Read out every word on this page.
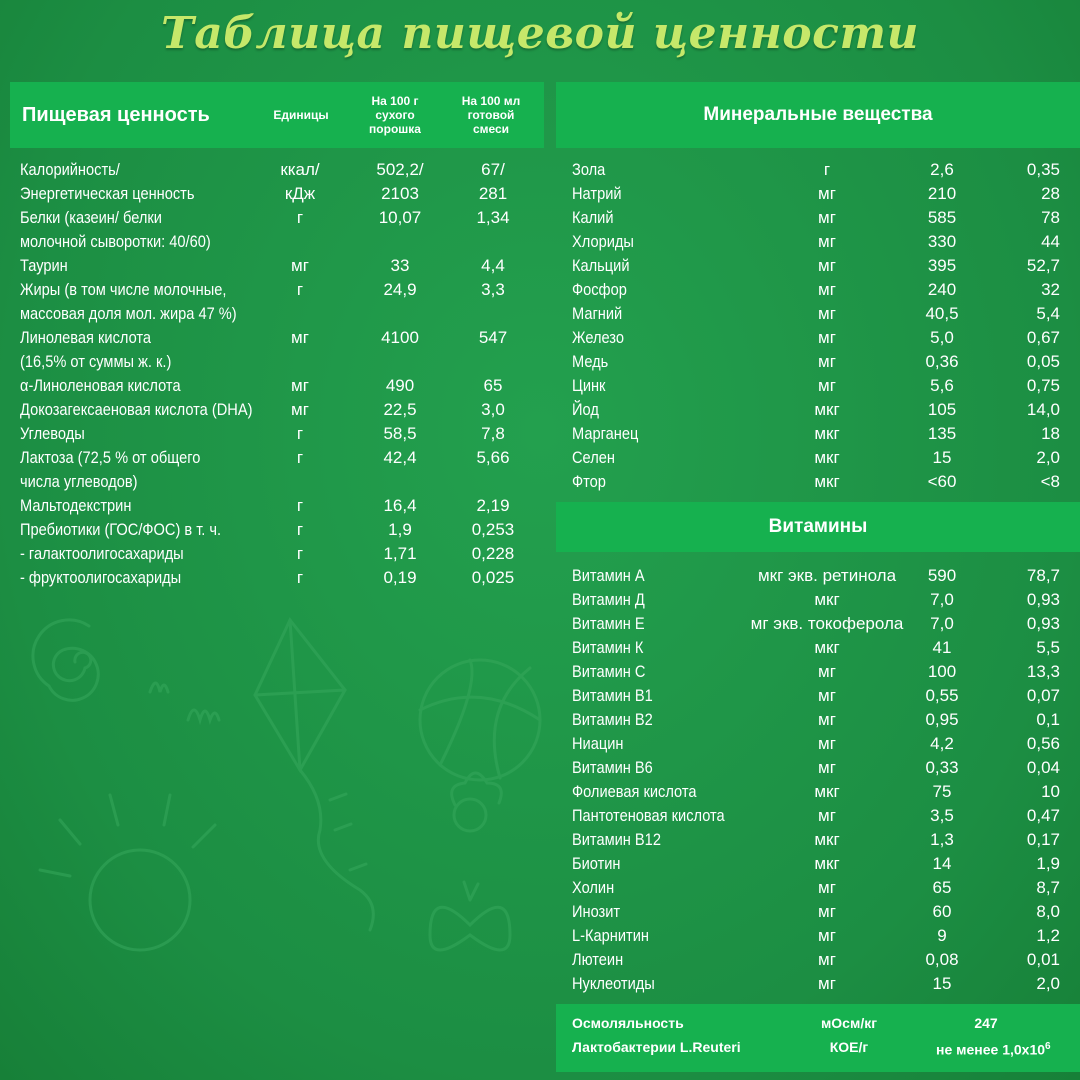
Таблица пищевой ценности
Пищевая ценность	Единицы
На 100 г
сухого
порошка
На 100 мл
готовой
смеси
Минеральные вещества
Витамины
Калорийность/	ккал/	502,2/	67/
Энергетическая ценность	кДж	2103	281
Белки (казеин/ белки	г	10,07	1,34
молочной сыворотки: 40/60)
Таурин	мг	33	4,4
Жиры (в том числе молочные,	г	24,9	3,3
массовая доля мол. жира 47 %)
Линолевая кислота	мг	4100	547
(16,5% от суммы ж. к.)
α-Линоленовая кислота	мг	490	65
Докозагексаеновая кислота (DHA)	мг	22,5	3,0
Углеводы	г	58,5	7,8
Лактоза (72,5 % от общего	г	42,4	5,66
числа углеводов)
Мальтодекстрин	г	16,4	2,19
Пребиотики (ГОС/ФОС) в т. ч.	г	1,9	0,253
- галактоолигосахариды	г	1,71	0,228
- фруктоолигосахариды	г	0,19	0,025
Зола	г	2,6	0,35
Натрий	мг	210	28
Калий	мг	585	78
Хлориды	мг	330	44
Кальций	мг	395	52,7
Фосфор	мг	240	32
Магний	мг	40,5	5,4
Железо	мг	5,0	0,67
Медь	мг	0,36	0,05
Цинк	мг	5,6	0,75
Йод	мкг	105	14,0
Марганец	мкг	135	18
Селен	мкг	15	2,0
Фтор	мкг	<60	<8
Витамин А	мкг экв. ретинола	590	78,7
Витамин Д	мкг	7,0	0,93
Витамин Е	мг экв. токоферола	7,0	0,93
Витамин К	мкг	41	5,5
Витамин С	мг	100	13,3
Витамин В1	мг	0,55	0,07
Витамин В2	мг	0,95	0,1
Ниацин	мг	4,2	0,56
Витамин В6	мг	0,33	0,04
Фолиевая кислота	мкг	75	10
Пантотеновая кислота	мг	3,5	0,47
Витамин В12	мкг	1,3	0,17
Биотин	мкг	14	1,9
Холин	мг	65	8,7
Инозит	мг	60	8,0
L-Карнитин	мг	9	1,2
Лютеин	мг	0,08	0,01
Нуклеотиды	мг	15	2,0
Осмоляльность	мОсм/кг	247
Лактобактерии L.Reuteri	КОЕ/г	не менее $1,0х10^6$
